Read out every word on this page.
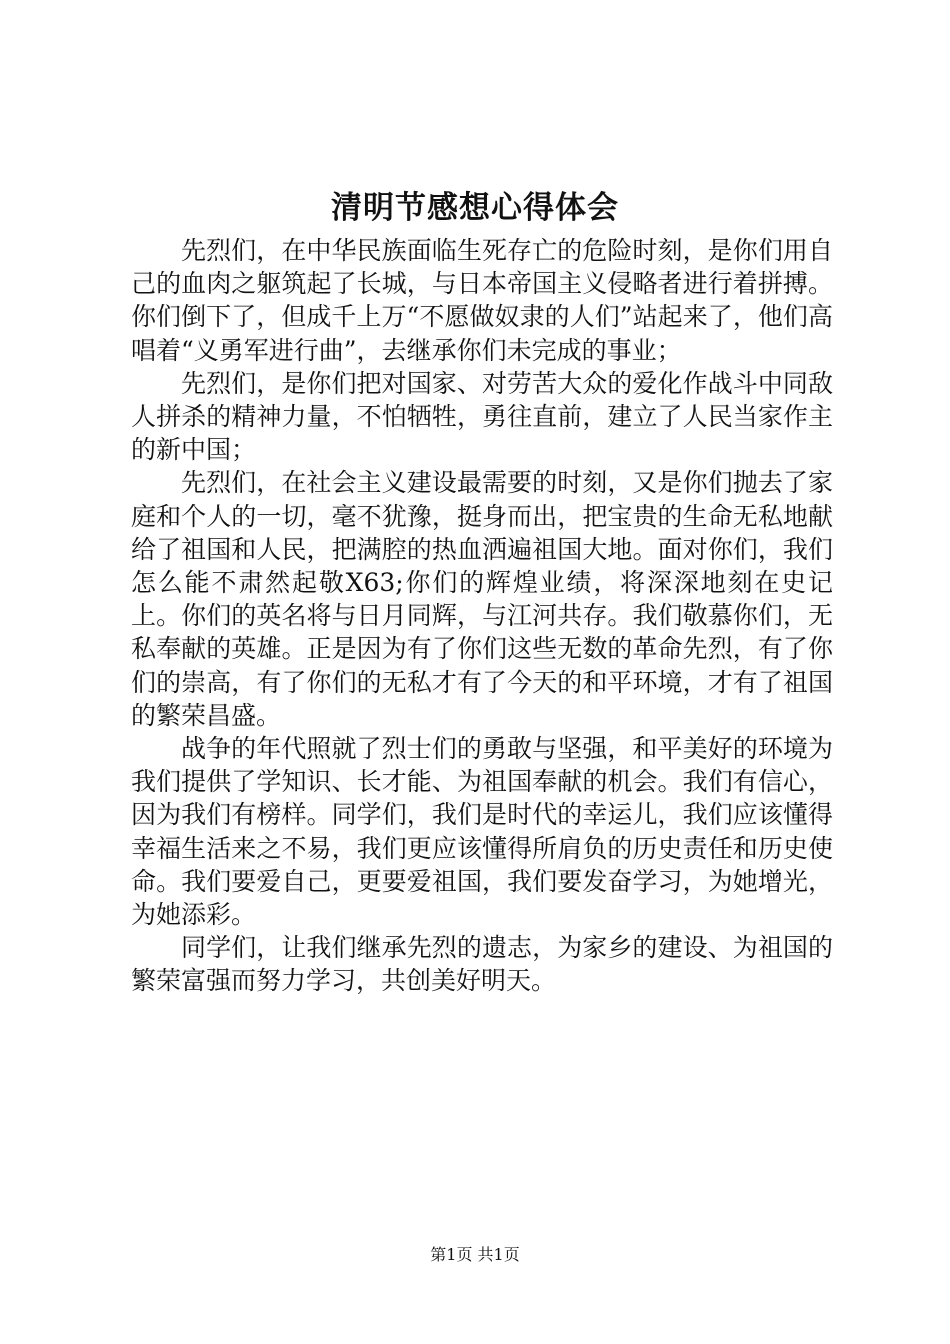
清明节感想心得体会

先烈们，在中华民族面临生死存亡的危险时刻，是你们用自己的血肉之躯筑起了长城，与日本帝国主义侵略者进行着拼搏。你们倒下了，但成千上万“不愿做奴隶的人们”站起来了，他们高唱着“义勇军进行曲”，去继承你们未完成的事业；

先烈们，是你们把对国家、对劳苦大众的爱化作战斗中同敌人拼杀的精神力量，不怕牺牲，勇往直前，建立了人民当家作主的新中国；

先烈们，在社会主义建设最需要的时刻，又是你们抛去了家庭和个人的一切，毫不犹豫，挺身而出，把宝贵的生命无私地献给了祖国和人民，把满腔的热血洒遍祖国大地。面对你们，我们怎么能不肃然起敬X63;你们的辉煌业绩，将深深地刻在史记上。你们的英名将与日月同辉，与江河共存。我们敬慕你们，无私奉献的英雄。正是因为有了你们这些无数的革命先烈，有了你们的崇高，有了你们的无私才有了今天的和平环境，才有了祖国的繁荣昌盛。

战争的年代照就了烈士们的勇敢与坚强，和平美好的环境为我们提供了学知识、长才能、为祖国奉献的机会。我们有信心，因为我们有榜样。同学们，我们是时代的幸运儿，我们应该懂得幸福生活来之不易，我们更应该懂得所肩负的历史责任和历史使命。我们要爱自己，更要爱祖国，我们要发奋学习，为她增光，为她添彩。

同学们，让我们继承先烈的遗志，为家乡的建设、为祖国的繁荣富强而努力学习，共创美好明天。

第1页 共1页
